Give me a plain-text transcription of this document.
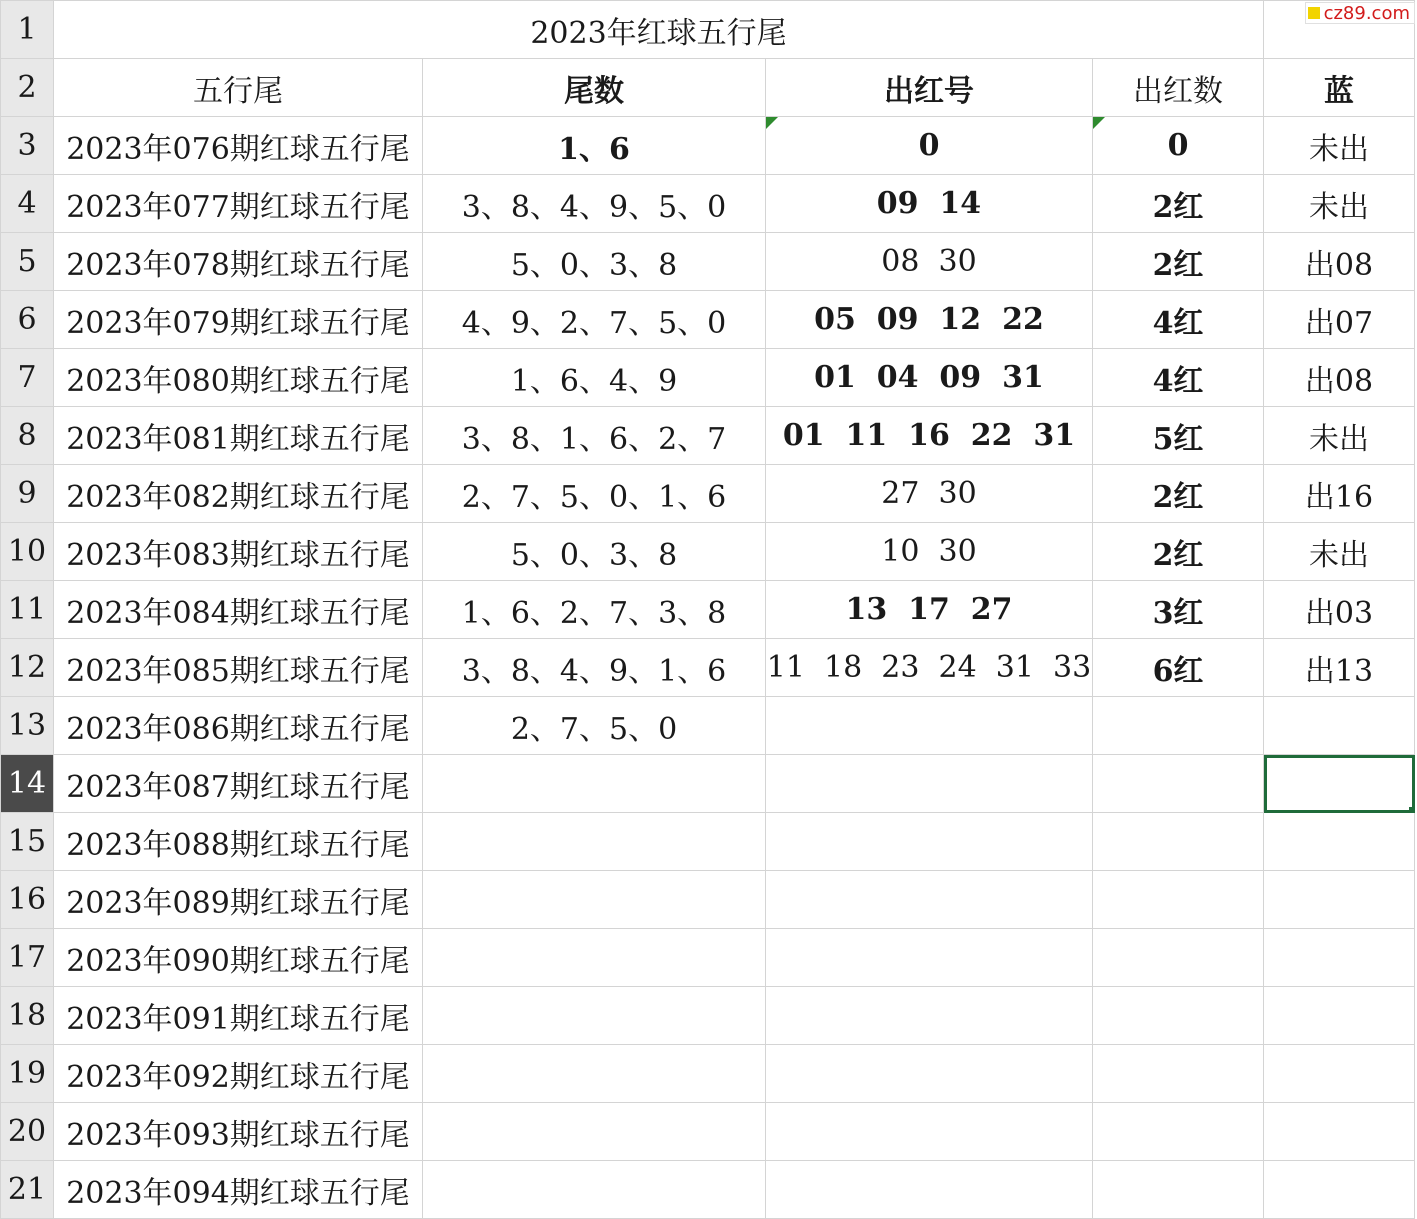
1	2023年红球五行尾				
2	五行尾	尾数	出红号	出红数	蓝
3	2023年076期红球五行尾	1、6	0	0	未出
4	2023年077期红球五行尾	3、8、4、9、5、0	09  14	2红	未出
5	2023年078期红球五行尾	5、0、3、8	08  30	2红	出08
6	2023年079期红球五行尾	4、9、2、7、5、0	05  09  12  22	4红	出07
7	2023年080期红球五行尾	1、6、4、9	01  04  09  31	4红	出08
8	2023年081期红球五行尾	3、8、1、6、2、7	01  11  16  22  31	5红	未出
9	2023年082期红球五行尾	2、7、5、0、1、6	27  30	2红	出16
10	2023年083期红球五行尾	5、0、3、8	10  30	2红	未出
11	2023年084期红球五行尾	1、6、2、7、3、8	13  17  27	3红	出03
12	2023年085期红球五行尾	3、8、4、9、1、6	11  18  23  24  31  33	6红	出13
13	2023年086期红球五行尾	2、7、5、0			
14	2023年087期红球五行尾				

15	2023年088期红球五行尾				
16	2023年089期红球五行尾				
17	2023年090期红球五行尾				
18	2023年091期红球五行尾				
19	2023年092期红球五行尾				
20	2023年093期红球五行尾				
21	2023年094期红球五行尾				
cz89.com
